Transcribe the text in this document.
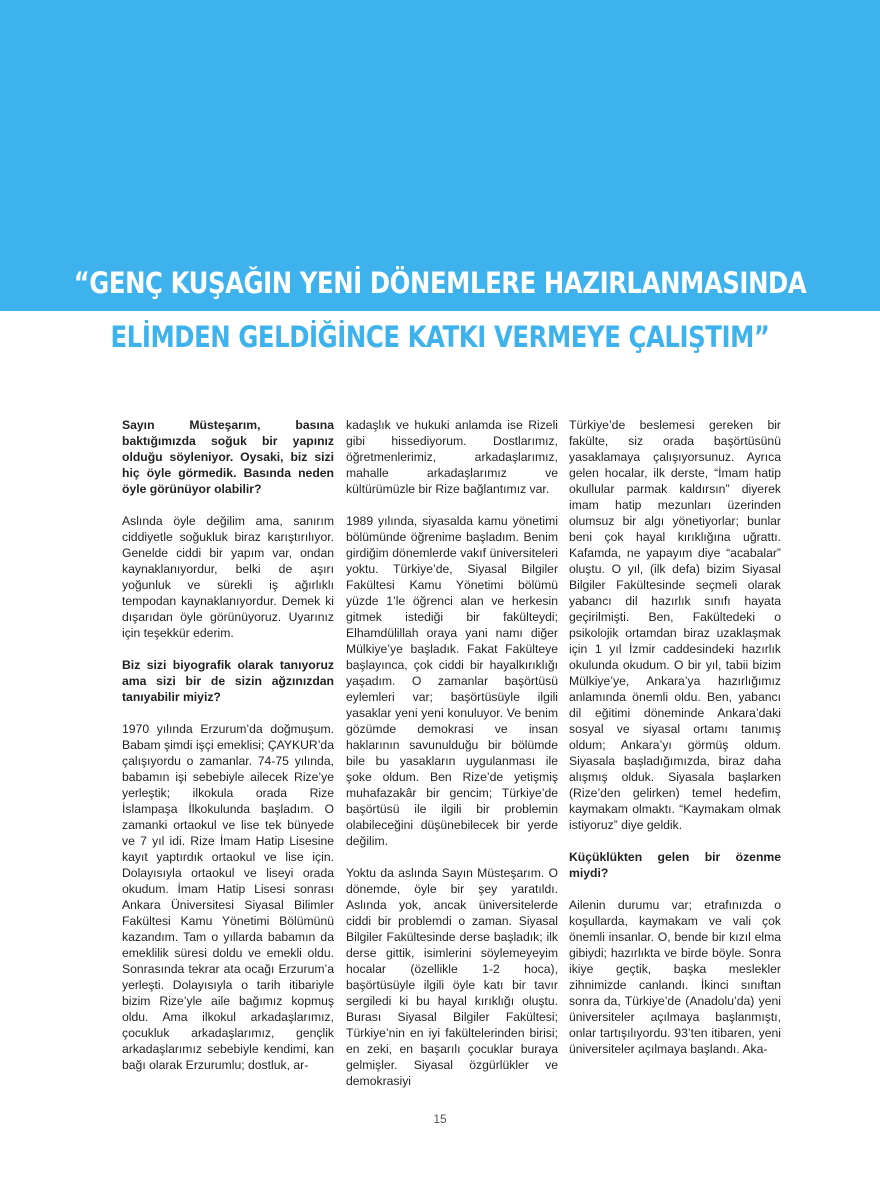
“GENÇ KUŞAĞIN YENİ DÖNEMLERE HAZIRLANMASINDA
ELİMDEN GELDİĞİNCE KATKI VERMEYE ÇALIŞTIM”

Sayın Müsteşarım, basına baktığımızda soğuk bir yapınız olduğu söyleniyor. Oysaki, biz sizi hiç öyle görmedik. Basında neden öyle görünüyor olabilir?

Aslında öyle değilim ama, sanırım ciddiyetle soğukluk biraz karıştırılıyor. Genelde ciddi bir yapım var, ondan kaynaklanıyordur, belki de aşırı yoğunluk ve sürekli iş ağırlıklı tempodan kaynaklanıyordur. Demek ki dışarıdan öyle görünüyoruz. Uyarınız için teşekkür ederim.

Biz sizi biyografik olarak tanıyoruz ama sizi bir de sizin ağzınızdan tanıyabilir miyiz?

1970 yılında Erzurum’da doğmuşum. Babam şimdi işçi emeklisi; ÇAYKUR’da çalışıyordu o zamanlar. 74-75 yılında, babamın işi sebebiyle ailecek Rize’ye yerleştik; ilkokula orada Rize İslampaşa İlkokulunda başladım. O zamanki ortaokul ve lise tek bünyede ve 7 yıl idi. Rize İmam Hatip Lisesine kayıt yaptırdık ortaokul ve lise için. Dolayısıyla ortaokul ve liseyi orada okudum. İmam Hatip Lisesi sonrası Ankara Üniversitesi Siyasal Bilimler Fakültesi Kamu Yönetimi Bölümünü kazandım. Tam o yıllarda babamın da emeklilik süresi doldu ve emekli oldu. Sonrasında tekrar ata ocağı Erzurum’a yerleşti. Dolayısıyla o tarih itibariyle bizim Rize’yle aile bağımız kopmuş oldu. Ama ilkokul arkadaşlarımız, çocukluk arkadaşlarımız, gençlik arkadaşlarımız sebebiyle kendimi, kan bağı olarak Erzurumlu; dostluk, ar-

kadaşlık ve hukuki anlamda ise Rizeli gibi hissediyorum. Dostlarımız, öğretmenlerimiz, arkadaşlarımız, mahalle arkadaşlarımız ve kültürümüzle bir Rize bağlantımız var.

1989 yılında, siyasalda kamu yönetimi bölümünde öğrenime başladım. Benim girdiğim dönemlerde vakıf üniversiteleri yoktu. Türkiye’de, Siyasal Bilgiler Fakültesi Kamu Yönetimi bölümü yüzde 1’le öğrenci alan ve herkesin gitmek istediği bir fakülteydi; Elhamdülillah oraya yani namı diğer Mülkiye’ye başladık. Fakat Fakülteye başlayınca, çok ciddi bir hayalkırıklığı yaşadım. O zamanlar başörtüsü eylemleri var; başörtüsüyle ilgili yasaklar yeni yeni konuluyor. Ve benim gözümde demokrasi ve insan haklarının savunulduğu bir bölümde bile bu yasakların uygulanması ile şoke oldum. Ben Rize’de yetişmiş muhafazakâr bir gencim; Türkiye’de başörtüsü ile ilgili bir problemin olabileceğini düşünebilecek bir yerde değilim.

Yoktu da aslında Sayın Müsteşarım. O dönemde, öyle bir şey yaratıldı. Aslında yok, ancak üniversitelerde ciddi bir problemdi o zaman. Siyasal Bilgiler Fakültesinde derse başladık; ilk derse gittik, isimlerini söylemeyeyim hocalar (özellikle 1-2 hoca), başörtüsüyle ilgili öyle katı bir tavır sergiledi ki bu hayal kırıklığı oluştu. Burası Siyasal Bilgiler Fakültesi; Türkiye’nin en iyi fakültelerinden birisi; en zeki, en başarılı çocuklar buraya gelmişler. Siyasal özgürlükler ve demokrasiyi

Türkiye’de beslemesi gereken bir fakülte, siz orada başörtüsünü yasaklamaya çalışıyorsunuz. Ayrıca gelen hocalar, ilk derste, “İmam hatip okullular parmak kaldırsın” diyerek imam hatip mezunları üzerinden olumsuz bir algı yönetiyorlar; bunlar beni çok hayal kırıklığına uğrattı. Kafamda, ne yapayım diye “acabalar” oluştu. O yıl, (ilk defa) bizim Siyasal Bilgiler Fakültesinde seçmeli olarak yabancı dil hazırlık sınıfı hayata geçirilmişti. Ben, Fakültedeki o psikolojik ortamdan biraz uzaklaşmak için 1 yıl İzmir caddesindeki hazırlık okulunda okudum. O bir yıl, tabii bizim Mülkiye’ye, Ankara’ya hazırlığımız anlamında önemli oldu. Ben, yabancı dil eğitimi döneminde Ankara’daki sosyal ve siyasal ortamı tanımış oldum; Ankara’yı görmüş oldum. Siyasala başladığımızda, biraz daha alışmış olduk. Siyasala başlarken (Rize’den gelirken) temel hedefim, kaymakam olmaktı. “Kaymakam olmak istiyoruz” diye geldik.

Küçüklükten gelen bir özenme miydi?

Ailenin durumu var; etrafınızda o koşullarda, kaymakam ve vali çok önemli insanlar. O, bende bir kızıl elma gibiydi; hazırlıkta ve birde böyle. Sonra ikiye geçtik, başka meslekler zihnimizde canlandı. İkinci sınıftan sonra da, Türkiye’de (Anadolu’da) yeni üniversiteler açılmaya başlanmıştı, onlar tartışılıyordu. 93’ten itibaren, yeni üniversiteler açılmaya başlandı. Aka-

15
